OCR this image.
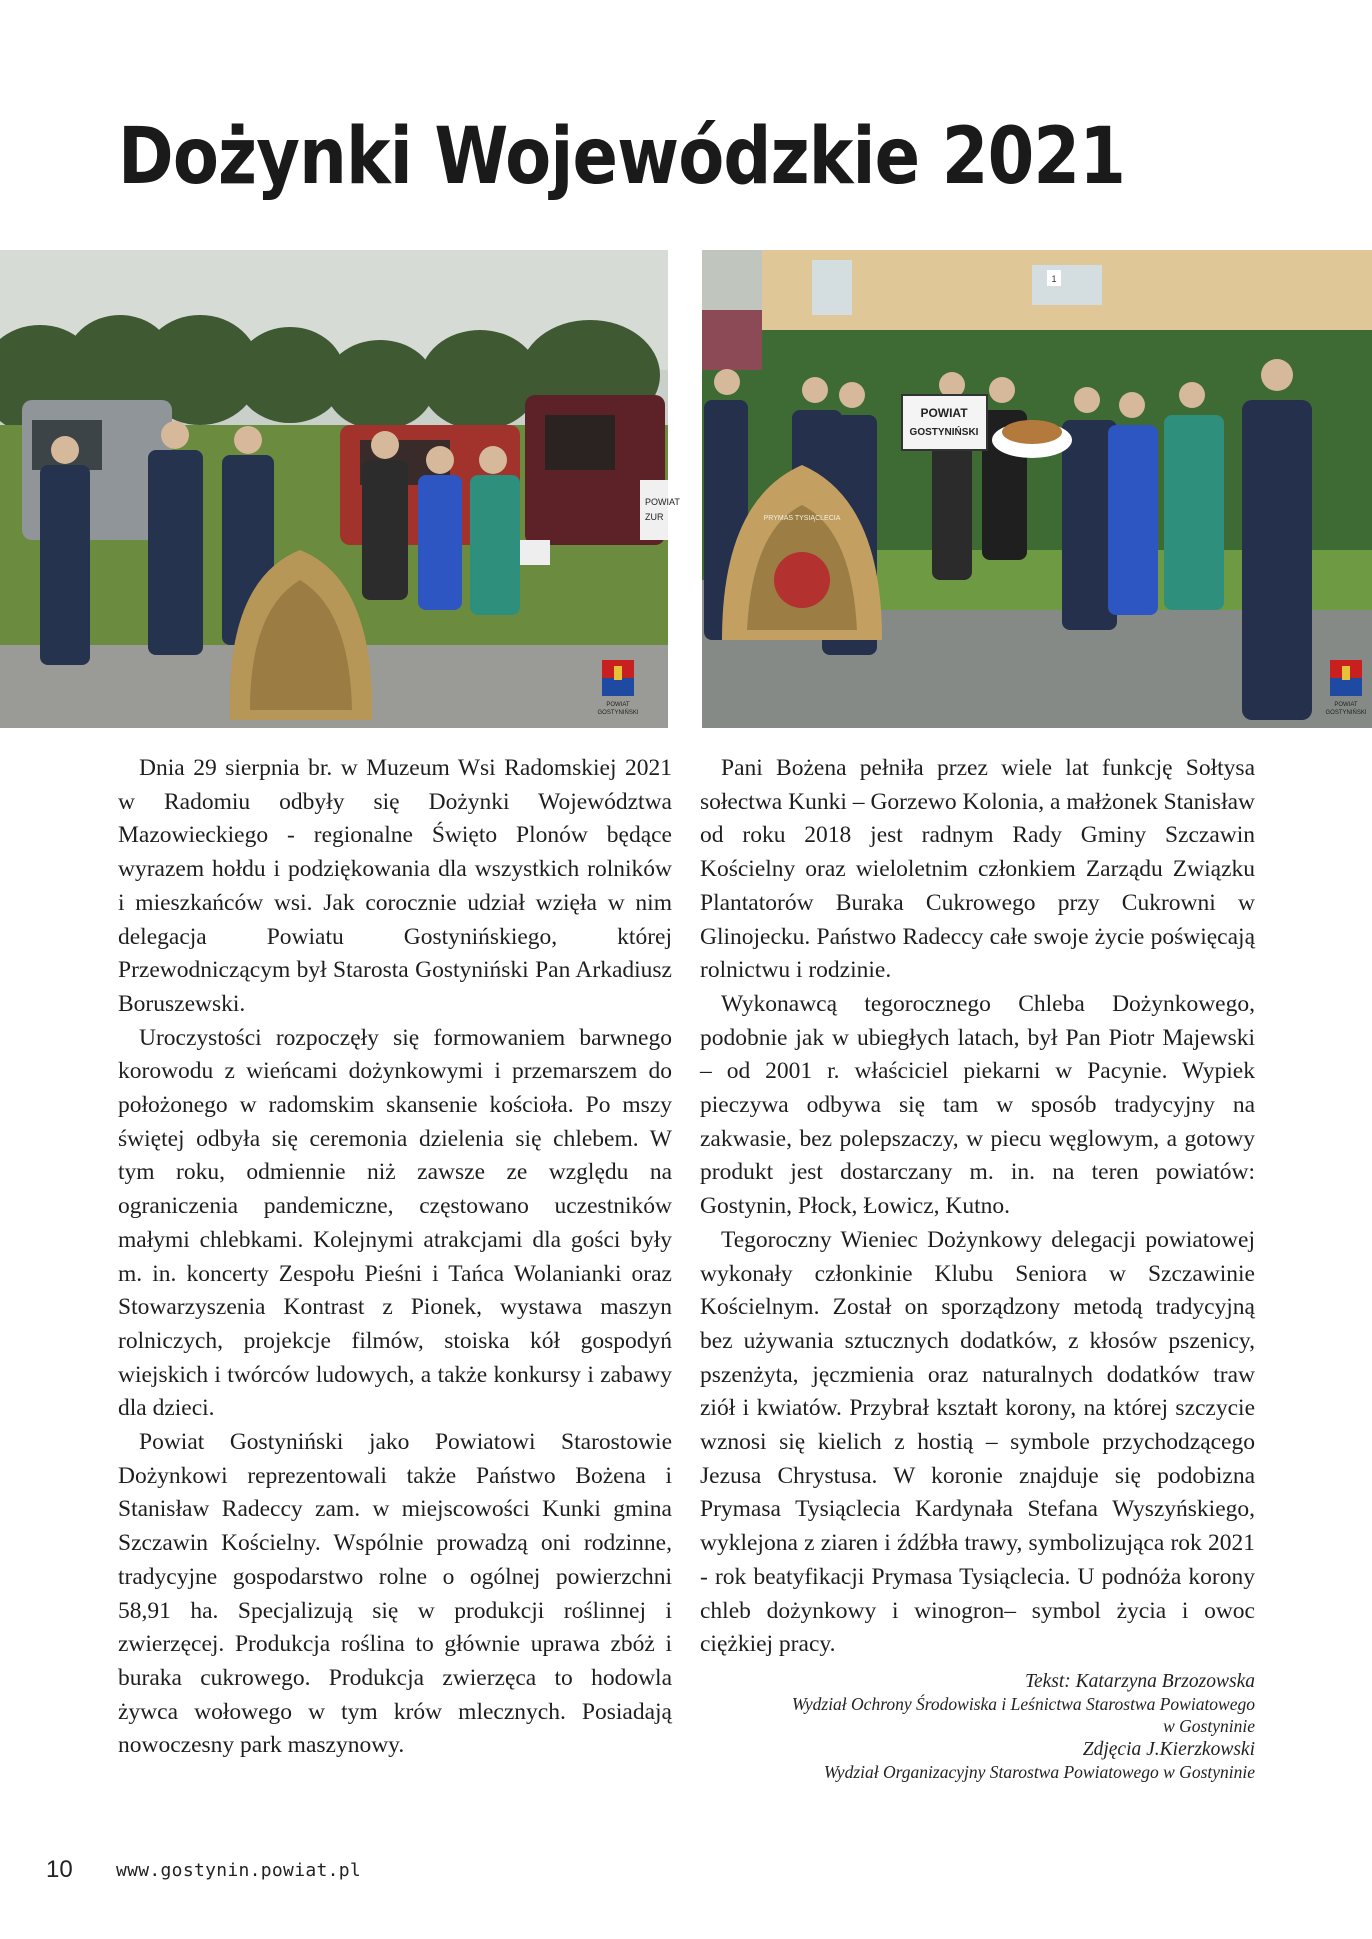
Dożynki Wojewódzkie 2021
POWIAT
ZUR
POWIAT
GOSTYNIŃSKI
1
POWIAT
GOSTYNIŃSKI
PRYMAS TYSIĄCLECIA
POWIAT
GOSTYNIŃSKI

Dnia 29 sierpnia br. w Muzeum Wsi Radomskiej 2021 w Radomiu odbyły się Dożynki Województwa Mazowieckiego - regionalne Święto Plonów będące wyrazem hołdu i podziękowania dla wszystkich rolników i mieszkańców wsi. Jak corocznie udział wzięła w nim delegacja Powiatu Gostynińskiego, której Przewodniczącym był Starosta Gostyniński Pan Arkadiusz Boruszewski.

Uroczystości rozpoczęły się formowaniem barwnego korowodu z wieńcami dożynkowymi i przemarszem do położonego w radomskim skansenie kościoła. Po mszy świętej odbyła się ceremonia dzielenia się chlebem. W tym roku, odmiennie niż zawsze ze względu na ograniczenia pandemiczne, częstowano uczestników małymi chlebkami. Kolejnymi atrakcjami dla gości były m. in. koncerty Zespołu Pieśni i Tańca Wolanianki oraz Stowarzyszenia Kontrast z Pionek, wystawa maszyn rolniczych, projekcje filmów, stoiska kół gospodyń wiejskich i twórców ludowych, a także konkursy i zabawy dla dzieci.

Powiat Gostyniński jako Powiatowi Starostowie Dożynkowi reprezentowali także Państwo Bożena i Stanisław Radeccy zam. w miejscowości Kunki gmina Szczawin Kościelny. Wspólnie prowadzą oni rodzinne, tradycyjne gospodarstwo rolne o ogólnej powierzchni 58,91 ha. Specjalizują się w produkcji roślinnej i zwierzęcej. Produkcja roślina to głównie uprawa zbóż i buraka cukrowego. Produkcja zwierzęca to hodowla żywca wołowego w tym krów mlecznych. Posiadają nowoczesny park maszynowy.

Pani Bożena pełniła przez wiele lat funkcję Sołtysa sołectwa Kunki – Gorzewo Kolonia, a małżonek Stanisław od roku 2018 jest radnym Rady Gminy Szczawin Kościelny oraz wieloletnim członkiem Zarządu Związku Plantatorów Buraka Cukrowego przy Cukrowni w Glinojecku. Państwo Radeccy całe swoje życie poświęcają rolnictwu i rodzinie.

Wykonawcą tegorocznego Chleba Dożynkowego, podobnie jak w ubiegłych latach, był Pan Piotr Majewski – od 2001 r. właściciel piekarni w Pacynie. Wypiek pieczywa odbywa się tam w sposób tradycyjny na zakwasie, bez polepszaczy, w piecu węglowym, a gotowy produkt jest dostarczany m. in. na teren powiatów: Gostynin, Płock, Łowicz, Kutno.

Tegoroczny Wieniec Dożynkowy delegacji powiatowej wykonały członkinie Klubu Seniora w Szczawinie Kościelnym. Został on sporządzony metodą tradycyjną bez używania sztucznych dodatków, z kłosów pszenicy, pszenżyta, jęczmienia oraz naturalnych dodatków traw ziół i kwiatów. Przybrał kształt korony, na której szczycie wznosi się kielich z hostią – symbole przychodzącego Jezusa Chrystusa. W koronie znajduje się podobizna Prymasa Tysiąclecia Kardynała Stefana Wyszyńskiego, wyklejona z ziaren i źdźbła trawy, symbolizująca rok 2021 - rok beatyfikacji Prymasa Tysiąclecia. U podnóża korony chleb dożynkowy i winogron– symbol życia i owoc ciężkiej pracy.

Tekst: Katarzyna Brzozowska
Wydział Ochrony Środowiska i Leśnictwa Starostwa Powiatowego
w Gostyninie
Zdjęcia J.Kierzkowski
Wydział Organizacyjny Starostwa Powiatowego w Gostyninie
10 www.gostynin.powiat.pl
